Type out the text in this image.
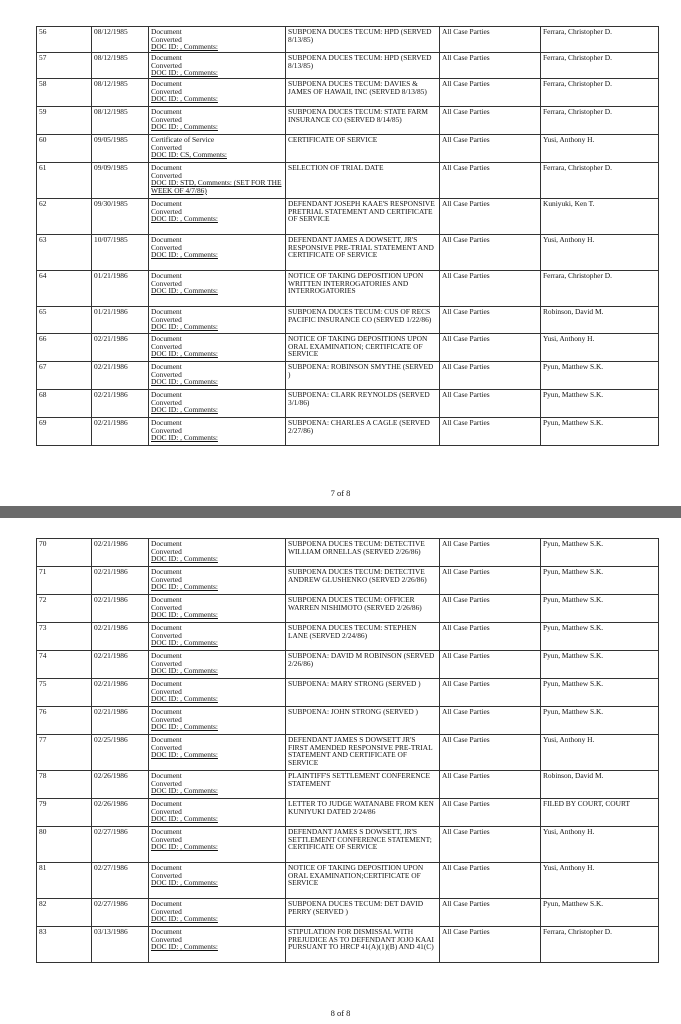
56	08/12/1985	Document
Converted
DOC ID: , Comments:	SUBPOENA DUCES TECUM: HPD (SERVED 8/13/85)	All Case Parties	Ferrara, Christopher D.
57	08/12/1985	Document
Converted
DOC ID: , Comments:	SUBPOENA DUCES TECUM: HPD (SERVED 8/13/85)	All Case Parties	Ferrara, Christopher D.
58	08/12/1985	Document
Converted
DOC ID: , Comments:	SUBPOENA DUCES TECUM: DAVIES & JAMES OF HAWAII, INC (SERVED 8/13/85)	All Case Parties	Ferrara, Christopher D.
59	08/12/1985	Document
Converted
DOC ID: , Comments:	SUBPOENA DUCES TECUM: STATE FARM INSURANCE CO (SERVED 8/14/85)	All Case Parties	Ferrara, Christopher D.
60	09/05/1985	Certificate of Service
Converted
DOC ID: CS, Comments:	CERTIFICATE OF SERVICE	All Case Parties	Yusi, Anthony H.
61	09/09/1985	Document
Converted
DOC ID: STD, Comments: (SET FOR THE WEEK OF 4/7/86)	SELECTION OF TRIAL DATE	All Case Parties	Ferrara, Christopher D.
62	09/30/1985	Document
Converted
DOC ID: , Comments:	DEFENDANT JOSEPH KAAE'S RESPONSIVE PRETRIAL STATEMENT AND CERTIFICATE OF SERVICE	All Case Parties	Kuniyuki, Ken T.
63	10/07/1985	Document
Converted
DOC ID: , Comments:	DEFENDANT JAMES A DOWSETT, JR'S RESPONSIVE PRE-TRIAL STATEMENT AND CERTIFICATE OF SERVICE	All Case Parties	Yusi, Anthony H.
64	01/21/1986	Document
Converted
DOC ID: , Comments:	NOTICE OF TAKING DEPOSITION UPON WRITTEN INTERROGATORIES AND INTERROGATORIES	All Case Parties	Ferrara, Christopher D.
65	01/21/1986	Document
Converted
DOC ID: , Comments:	SUBPOENA DUCES TECUM: CUS OF RECS PACIFIC INSURANCE CO (SERVED 1/22/86)	All Case Parties	Robinson, David M.
66	02/21/1986	Document
Converted
DOC ID: , Comments:	NOTICE OF TAKING DEPOSITIONS UPON ORAL EXAMINATION; CERTIFICATE OF SERVICE	All Case Parties	Yusi, Anthony H.
67	02/21/1986	Document
Converted
DOC ID: , Comments:	SUBPOENA: ROBINSON SMYTHE (SERVED )	All Case Parties	Pyun, Matthew S.K.
68	02/21/1986	Document
Converted
DOC ID: , Comments:	SUBPOENA: CLARK REYNOLDS (SERVED 3/1/86)	All Case Parties	Pyun, Matthew S.K.
69	02/21/1986	Document
Converted
DOC ID: , Comments:	SUBPOENA: CHARLES A CAGLE (SERVED 2/27/86)	All Case Parties	Pyun, Matthew S.K.
7 of 8
70	02/21/1986	Document
Converted
DOC ID: , Comments:	SUBPOENA DUCES TECUM: DETECTIVE WILLIAM ORNELLAS (SERVED 2/26/86)	All Case Parties	Pyun, Matthew S.K.
71	02/21/1986	Document
Converted
DOC ID: , Comments:	SUBPOENA DUCES TECUM: DETECTIVE ANDREW GLUSHENKO (SERVED 2/26/86)	All Case Parties	Pyun, Matthew S.K.
72	02/21/1986	Document
Converted
DOC ID: , Comments:	SUBPOENA DUCES TECUM: OFFICER WARREN NISHIMOTO (SERVED 2/26/86)	All Case Parties	Pyun, Matthew S.K.
73	02/21/1986	Document
Converted
DOC ID: , Comments:	SUBPOENA DUCES TECUM: STEPHEN LANE (SERVED 2/24/86)	All Case Parties	Pyun, Matthew S.K.
74	02/21/1986	Document
Converted
DOC ID: , Comments:	SUBPOENA: DAVID M ROBINSON (SERVED 2/26/86)	All Case Parties	Pyun, Matthew S.K.
75	02/21/1986	Document
Converted
DOC ID: , Comments:	SUBPOENA: MARY STRONG (SERVED )	All Case Parties	Pyun, Matthew S.K.
76	02/21/1986	Document
Converted
DOC ID: , Comments:	SUBPOENA: JOHN STRONG (SERVED )	All Case Parties	Pyun, Matthew S.K.
77	02/25/1986	Document
Converted
DOC ID: , Comments:	DEFENDANT JAMES S DOWSETT JR'S FIRST AMENDED RESPONSIVE PRE-TRIAL STATEMENT AND CERTIFICATE OF SERVICE	All Case Parties	Yusi, Anthony H.
78	02/26/1986	Document
Converted
DOC ID: , Comments:	PLAINTIFF'S SETTLEMENT CONFERENCE STATEMENT	All Case Parties	Robinson, David M.
79	02/26/1986	Document
Converted
DOC ID: , Comments:	LETTER TO JUDGE WATANABE FROM KEN KUNIYUKI DATED 2/24/86	All Case Parties	FILED BY COURT, COURT
80	02/27/1986	Document
Converted
DOC ID: , Comments:	DEFENDANT JAMES S DOWSETT, JR'S SETTLEMENT CONFERENCE STATEMENT; CERTIFICATE OF SERVICE	All Case Parties	Yusi, Anthony H.
81	02/27/1986	Document
Converted
DOC ID: , Comments:	NOTICE OF TAKING DEPOSITION UPON ORAL EXAMINATION;CERTIFICATE OF SERVICE	All Case Parties	Yusi, Anthony H.
82	02/27/1986	Document
Converted
DOC ID: , Comments:	SUBPOENA DUCES TECUM: DET DAVID PERRY (SERVED )	All Case Parties	Pyun, Matthew S.K.
83	03/13/1986	Document
Converted
DOC ID: , Comments:	STIPULATION FOR DISMISSAL WITH PREJUDICE AS TO DEFENDANT JOJO KAAI PURSUANT TO HRCP 41(A)(1)(B) AND 41(C)	All Case Parties	Ferrara, Christopher D.
8 of 8
